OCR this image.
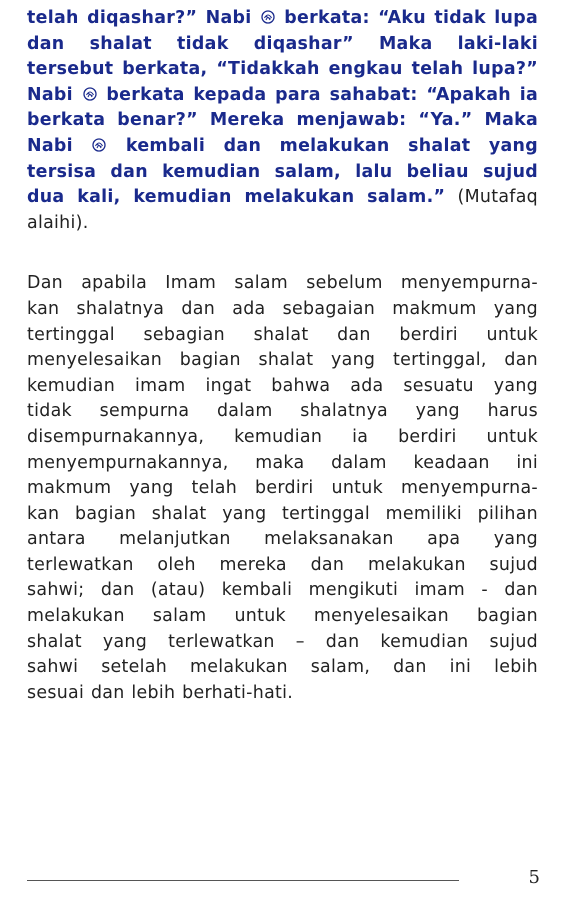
telah diqashar?” Nabi  berkata: “Aku tidak lupa
dan shalat tidak diqashar” Maka laki-laki
tersebut berkata, “Tidakkah engkau telah lupa?”
Nabi  berkata kepada para sahabat: “Apakah ia
berkata benar?” Mereka menjawab: “Ya.” Maka
Nabi  kembali dan melakukan shalat yang
tersisa dan kemudian salam, lalu beliau sujud
dua kali, kemudian melakukan salam.” (Mutafaq
alaihi).
Dan apabila Imam salam sebelum menyempurna-
kan shalatnya dan ada sebagaian makmum yang
tertinggal sebagian shalat dan berdiri untuk
menyelesaikan bagian shalat yang tertinggal, dan
kemudian imam ingat bahwa ada sesuatu yang
tidak sempurna dalam shalatnya yang harus
disempurnakannya, kemudian ia berdiri untuk
menyempurnakannya, maka dalam keadaan ini
makmum yang telah berdiri untuk menyempurna-
kan bagian shalat yang tertinggal memiliki pilihan
antara melanjutkan melaksanakan apa yang
terlewatkan oleh mereka dan melakukan sujud
sahwi; dan (atau) kembali mengikuti imam - dan
melakukan salam untuk menyelesaikan bagian
shalat yang terlewatkan – dan kemudian sujud
sahwi setelah melakukan salam, dan ini lebih
sesuai dan lebih berhati-hati.
5
